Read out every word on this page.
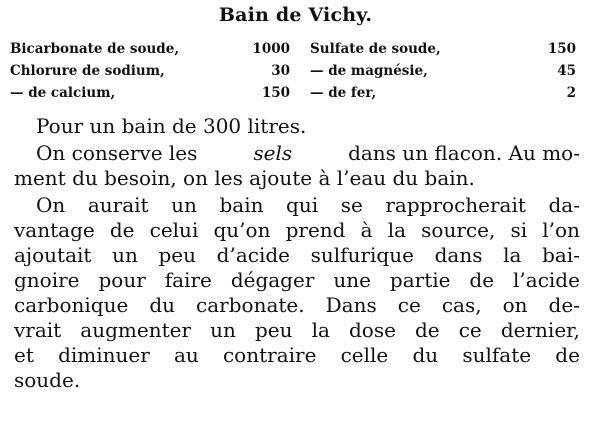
Bain de Vichy.
Bicarbonate de soude,	1000 Sulfate de soude,	150
Chlorure de sodium,	30 — de magnésie,	45
— de calcium,	150 — de fer,	2
Pour un bain de 300 litres.
On conserve les	sels	dans un flacon. Au mo-
ment du besoin, on les ajoute à l’eau du bain.
On aurait un bain qui se rapprocherait da-
vantage de celui qu’on prend à la source, si l’on
ajoutait un peu d’acide sulfurique dans la bai-
gnoire pour faire dégager une partie de l’acide
carbonique du carbonate. Dans ce cas, on de-
vrait augmenter un peu la dose de ce dernier,
et diminuer au contraire celle du sulfate de
soude.
